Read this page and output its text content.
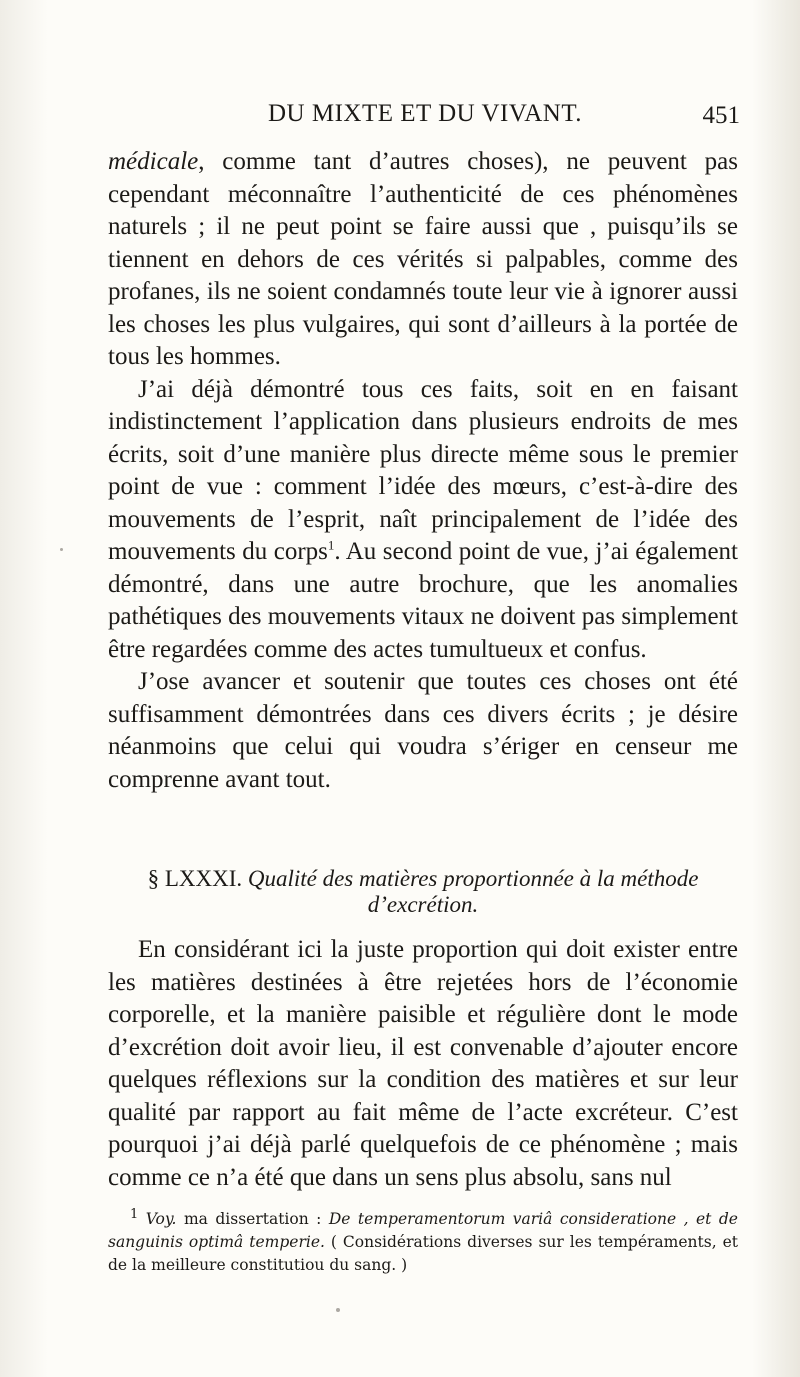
DU MIXTE ET DU VIVANT.	451

médicale, comme tant d’autres choses), ne peuvent pas cependant méconnaître l’authenticité de ces phénomènes naturels ; il ne peut point se faire aussi que , puisqu’ils se tiennent en dehors de ces vérités si palpables, comme des profanes, ils ne soient condamnés toute leur vie à ignorer aussi les choses les plus vulgaires, qui sont d’ailleurs à la portée de tous les hommes.

J’ai déjà démontré tous ces faits, soit en en faisant indistinctement l’application dans plusieurs endroits de mes écrits, soit d’une manière plus directe même sous le premier point de vue : comment l’idée des mœurs, c’est-à-dire des mouvements de l’esprit, naît principalement de l’idée des mouvements du corps$^1$. Au second point de vue, j’ai également démontré, dans une autre brochure, que les anomalies pathétiques des mouvements vitaux ne doivent pas simplement être regardées comme des actes tumultueux et confus.

J’ose avancer et soutenir que toutes ces choses ont été suffisamment démontrées dans ces divers écrits ; je désire néanmoins que celui qui voudra s’ériger en censeur me comprenne avant tout.

§ LXXXI. Qualité des matières proportionnée à la méthode

d’excrétion.

En considérant ici la juste proportion qui doit exister entre les matières destinées à être rejetées hors de l’économie corporelle, et la manière paisible et régulière dont le mode d’excrétion doit avoir lieu, il est convenable d’ajouter encore quelques réflexions sur la condition des matières et sur leur qualité par rapport au fait même de l’acte excréteur. C’est pourquoi j’ai déjà parlé quelquefois de ce phénomène ; mais comme ce n’a été que dans un sens plus absolu, sans nul

$^1$ Voy. ma dissertation : De temperamentorum variâ consideratione , et de sanguinis optimâ temperie. ( Considérations diverses sur les tempéraments, et de la meilleure constitutiou du sang. )
